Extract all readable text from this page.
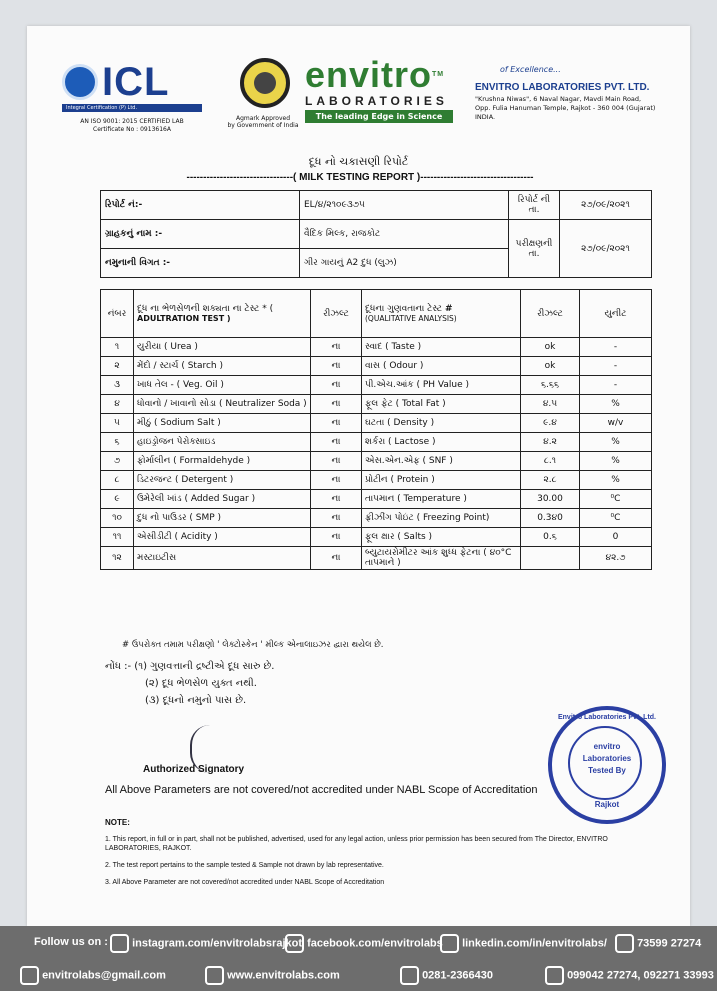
ICL
Integral Certification (P) Ltd.
AN ISO 9001: 2015 CERTIFIED LAB
Certificate No : 0913616A
Agmark Approved
by Government of India
envitro™
LABORATORIES
The leading Edge in Science
of Excellence...
ENVITRO LABORATORIES PVT. LTD.
"Krushna Niwas", 6 Naval Nagar, Mavdi Main Road,
Opp. Fulia Hanuman Temple, Rajkot - 360 004 (Gujarat) INDIA.
દૂધ નો ચકાસણી રિપોર્ટ
--------------------------------( MILK TESTING REPORT )----------------------------------
રિપોર્ટ નં:-	EL/૪/૨૧૦૯૩૭૫	રિપોર્ટ ની તા.	૨૭/૦૯/૨૦૨૧
ગ્રાહકનું નામ :-	વૈદિક મિલ્ક, રાજકોટ	પરીક્ષણની તા.	૨૭/૦૯/૨૦૨૧
નમુનાની વિગત :-	ગીર ગાયનું A2 દુધ (લુઝ)		
નંબર	દૂધ ના ભેળસેળની શક્યતા ના ટેસ્ટ * (
ADULTRATION TEST )	રીઝલ્ટ	દૂધના ગુણવતાના ટેસ્ટ #
(QUALITATIVE ANALYSIS)	રીઝલ્ટ	યુનીટ
૧	યુરીયા ( Urea )	ના	સ્વાદ ( Taste )	ok	-
૨	મેંદો / સ્ટાર્ચ ( Starch )	ના	વાસ ( Odour )	ok	-
૩	ખાધ તેલ - ( Veg. Oil )	ના	પી.એચ.આંક ( PH Value )	૬.૬૬	-
૪	ધોવાનો / ખાવાનો સોડા ( Neutralizer Soda )	ના	ફૂલ ફેટ ( Total Fat )	૪.૫	%
૫	મીઠું ( Sodium Salt )	ના	ઘટતા ( Density )	૯.૪	w/v
૬	હાઇડ્રોજન પેરોક્સાઇડ	ના	શર્કરા ( Lactose )	૪.૨	%
૭	ફોર્માલીન ( Formaldehyde )	ના	એસ.એન.એફ ( SNF )	૮.૧	%
૮	ડિટરજન્ટ ( Detergent )	ના	પ્રોટીન ( Protein )	૨.૮	%
૯	ઉમેરેલી ખાંડ ( Added Sugar )	ના	તાપમાન ( Temperature )	30.00	⁰C
૧૦	દુધ નો પાઉડર ( SMP )	ના	ફ્રીઝીંગ પોઇંટ ( Freezing Point)	0.3૪0	⁰C
૧૧	એસીડીટી ( Acidity )	ના	ફૂલ ક્ષાર ( Salts )	0.૬	0
૧૨	મસ્ટાઇટીસ	ના	બ્યુટાયરોમીટર આંક શુધ્ધ ફેટના ( ૪૦°C તાપમાને )		૪૨.૭
# ઉપરોક્ત તમામ પરીક્ષણો ' લેક્ટોસ્કેન ' મીલ્ક એનાલાઇઝર દ્વારા થયેલ છે.
નોંધ :- (૧) ગુણવત્તાની દ્રષ્ટીએ દૂધ સારુ છે.
(૨) દૂધ ભેળસેળ યુક્ત નથી.
(૩) દૂધનો નમુનો પાસ છે.
Authorized Signatory
All Above Parameters are not covered/not accredited under NABL Scope of Accreditation
Envitro Laboratories Pvt. Ltd.
envitro
Laboratories
Tested By
Rajkot
NOTE:
1. This report, in full or in part, shall not be published, advertised, used for any legal action, unless prior permission has been secured from The Director, ENVITRO LABORATORIES, RAJKOT.
2. The test report pertains to the sample tested & Sample not drawn by lab representative.
3. All Above Parameter are not covered/not accredited under NABL Scope of Accreditation
Follow us on :	instagram.com/envitrolabsrajkot facebook.com/envitrolabs	linkedin.com/in/envitrolabs/	73599 27274
envitrolabs@gmail.com	www.envitrolabs.com	0281-2366430	099042 27274, 092271 33993
